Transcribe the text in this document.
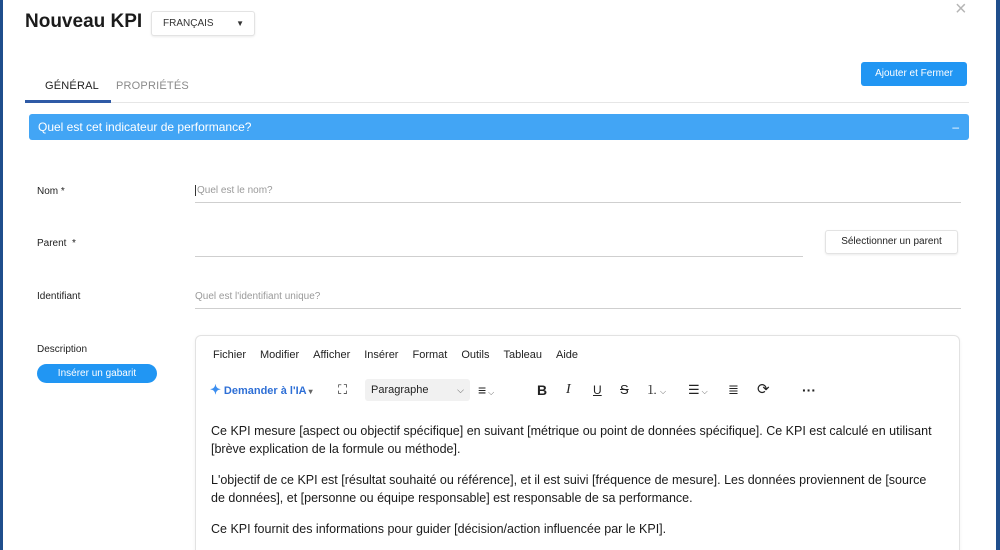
Nouveau KPI	FRANÇAIS	▼
×
GÉNÉRAL PROPRIÉTÉS
Ajouter et Fermer
Quel est cet indicateur de performance?	–
Nom *	Quel est le nom?
Parent  *	Sélectionner un parent
Identifiant	Quel est l'identifiant unique?
Description
Insérer un gabarit
Fichier Modifier Afficher Insérer Format Outils Tableau Aide
✦ Demander à l'IA ▾ ⛶	Paragraphe	⌵ ≡ ⌵	B I U S ⒈ ⌵ ☰ ⌵ ≣ ⟳ ···

Ce KPI mesure [aspect ou objectif spécifique] en suivant [métrique ou point de données spécifique]. Ce KPI est calculé en utilisant [brève explication de la formule ou méthode].

L'objectif de ce KPI est [résultat souhaité ou référence], et il est suivi [fréquence de mesure]. Les données proviennent de [source de données], et [personne ou équipe responsable] est responsable de sa performance.

Ce KPI fournit des informations pour guider [décision/action influencée par le KPI].
